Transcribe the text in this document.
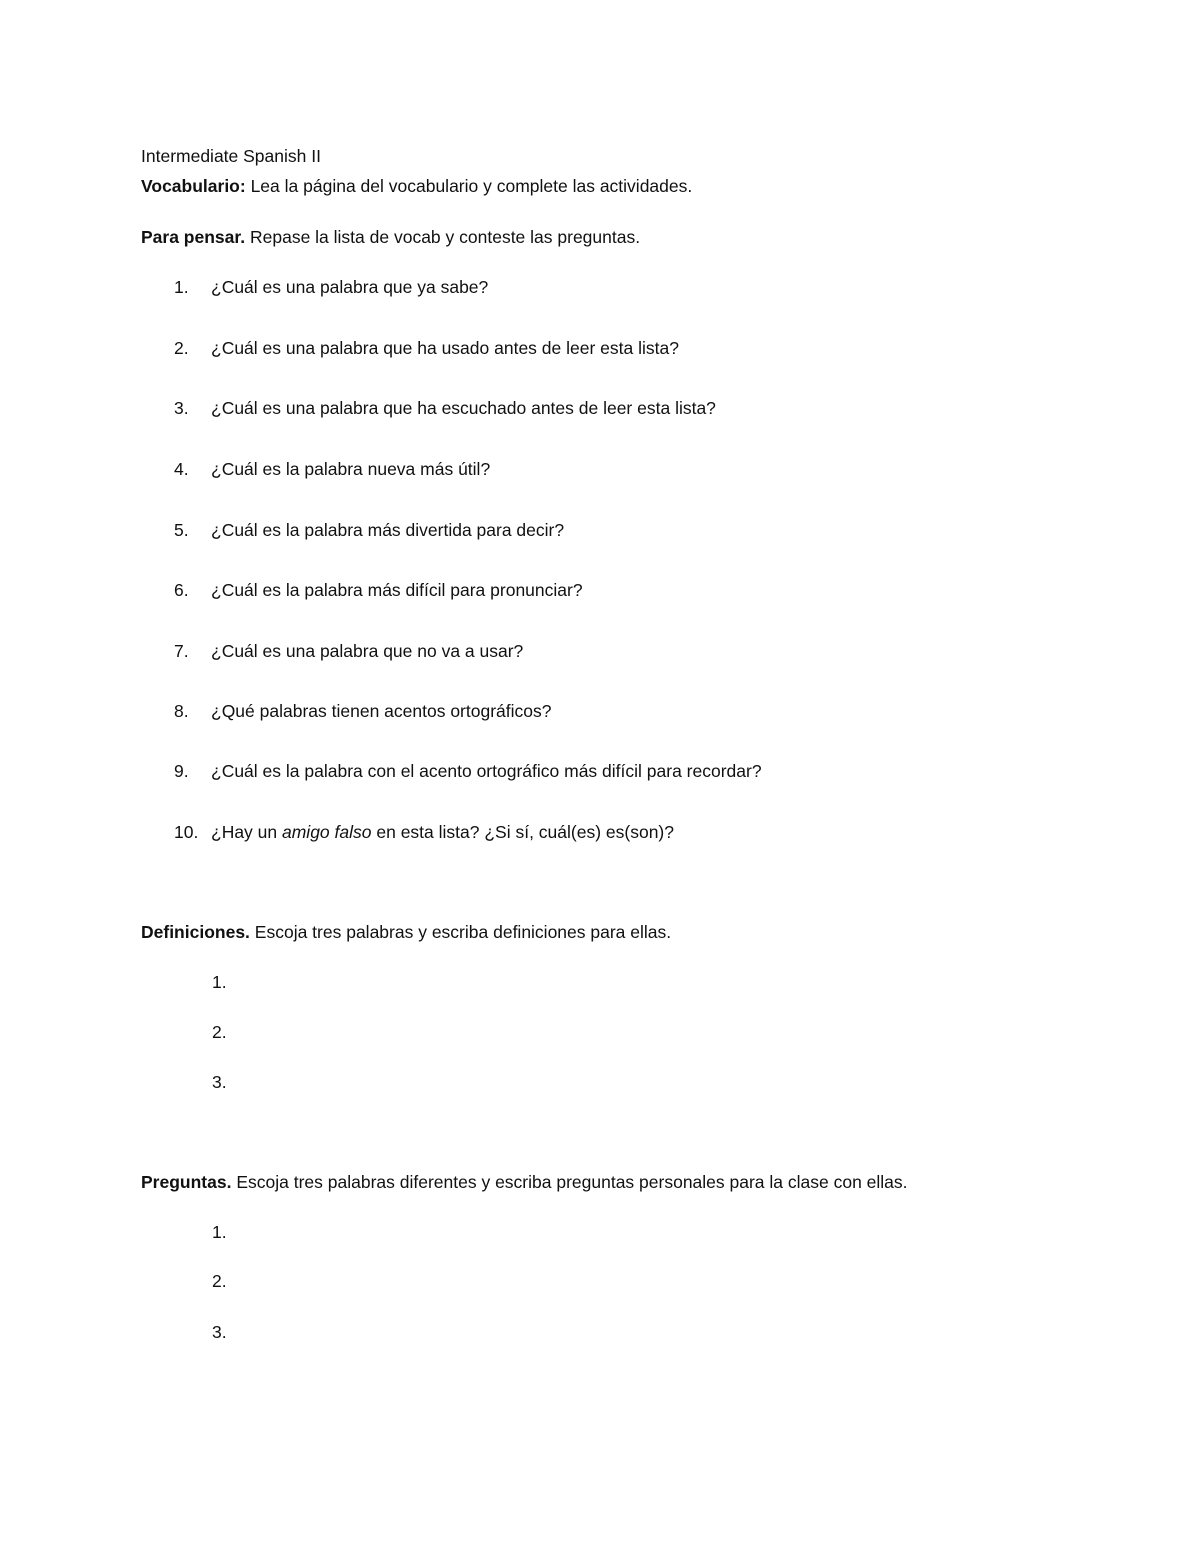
Intermediate Spanish II
Vocabulario: Lea la página del vocabulario y complete las actividades.
Para pensar. Repase la lista de vocab y conteste las preguntas.
1. ¿Cuál es una palabra que ya sabe?
2. ¿Cuál es una palabra que ha usado antes de leer esta lista?
3. ¿Cuál es una palabra que ha escuchado antes de leer esta lista?
4. ¿Cuál es la palabra nueva más útil?
5. ¿Cuál es la palabra más divertida para decir?
6. ¿Cuál es la palabra más difícil para pronunciar?
7. ¿Cuál es una palabra que no va a usar?
8. ¿Qué palabras tienen acentos ortográficos?
9. ¿Cuál es la palabra con el acento ortográfico más difícil para recordar?
10. ¿Hay un amigo falso en esta lista? ¿Si sí, cuál(es) es(son)?
Definiciones. Escoja tres palabras y escriba definiciones para ellas.
1.
2.
3.
Preguntas. Escoja tres palabras diferentes y escriba preguntas personales para la clase con ellas.
1.
2.
3.
